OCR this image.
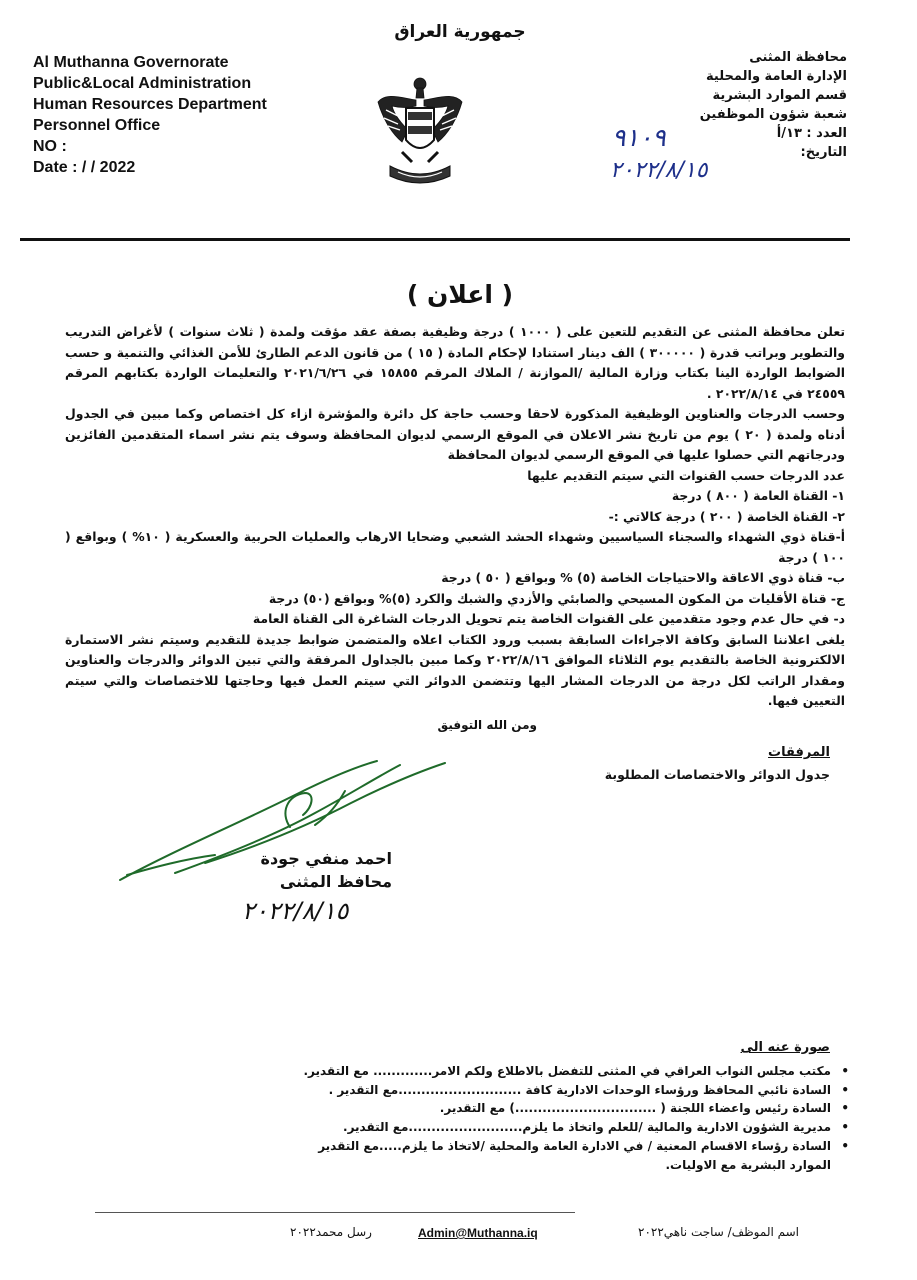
جمهورية العراق
Al Muthanna Governorate
Public&Local Administration
Human Resources Department
Personnel Office
NO :
Date : / / 2022
محافظة المثنى
الإدارة العامة والمحلية
قسم الموارد البشرية
شعبة شؤون الموظفين
العدد : ١٣/أ
التاريخ:
٩١٠٩
٢٠٢٢/٨/١٥
( اعلان )

تعلن محافظة المثنى عن التقديم للتعين على ( ١٠٠٠ ) درجة وظيفية بصفة عقد مؤقت ولمدة ( ثلاث سنوات ) لأغراض التدريب والتطوير وبراتب قدرة ( ٣٠٠٠٠٠ ) الف دينار استنادا لإحكام المادة ( ١٥ ) من قانون الدعم الطارئ للأمن الغذائي والتنمية و حسب الضوابط الواردة الينا بكتاب وزارة المالية /الموازنة / الملاك المرقم ١٥٨٥٥ في ٢٠٢١/٦/٢٦ والتعليمات الواردة بكتابهم المرقم ٢٤٥٥٩ في ٢٠٢٢/٨/١٤ .

وحسب الدرجات والعناوين الوظيفية المذكورة لاحقا وحسب حاجة كل دائرة والمؤشرة ازاء كل اختصاص وكما مبين في الجدول أدناه ولمدة ( ٢٠ ) يوم من تاريخ نشر الاعلان في الموقع الرسمي لديوان المحافظة وسوف يتم نشر اسماء المتقدمين الفائزين ودرجاتهم التي حصلوا عليها في الموقع الرسمي لديوان المحافظة

عدد الدرجات حسب القنوات التي سيتم التقديم عليها

١- القناة العامة ( ٨٠٠ ) درجة

٢- القناة الخاصة ( ٢٠٠ ) درجة كالاتي :-

أ-قناة ذوي الشهداء والسجناء السياسيين وشهداء الحشد الشعبي وضحايا الارهاب والعمليات الحربية والعسكرية ( ١٠% ) وبواقع ( ١٠٠ ) درجة

ب- قناة ذوي الاعاقة والاحتياجات الخاصة (٥) % وبواقع ( ٥٠ ) درجة

ج- قناة الأقليات من المكون المسيحي والصابئي والأزدي والشبك والكرد (٥)% وبواقع (٥٠) درجة

د- في حال عدم وجود متقدمين على القنوات الخاصة يتم تحويل الدرجات الشاغرة الى القناة العامة

يلغى اعلاننا السابق وكافة الاجراءات السابقة بسبب ورود الكتاب اعلاه والمتضمن ضوابط جديدة للتقديم وسيتم نشر الاستمارة الالكترونية الخاصة بالتقديم يوم الثلاثاء الموافق ٢٠٢٢/٨/١٦ وكما مبين بالجداول المرفقة والتي تبين الدوائر والدرجات والعناوين ومقدار الراتب لكل درجة من الدرجات المشار اليها وتتضمن الدوائر التي سيتم العمل فيها وحاجتها للاختصاصات والتي سيتم التعيين فيها.

ومن الله التوفيق
المرفقات
جدول الدوائر والاختصاصات المطلوبة
احمد منفي جودة
محافظ المثنى
٢٠٢٢/٨/١٥
صورة عنه الى
• مكتب مجلس النواب العراقي في المثنى للتفضل بالاطلاع ولكم الامر............. مع التقدير.
• السادة نائبي المحافظ ورؤساء الوحدات الادارية كافة ...........................مع التقدير .
• السادة رئيس واعضاء اللجنة ( ...............................) مع التقدير.
• مديرية الشؤون الادارية والمالية /للعلم واتخاذ ما يلزم.........................مع التقدير.
• السادة رؤساء الاقسام المعنية / في الادارة العامة والمحلية /لاتخاذ ما يلزم.....مع التقدير
الموارد البشرية مع الاوليات.
اسم الموظف/ ساجت ناهي٢٠٢٢
Admin@Muthanna.iq
رسل محمد٢٠٢٢
